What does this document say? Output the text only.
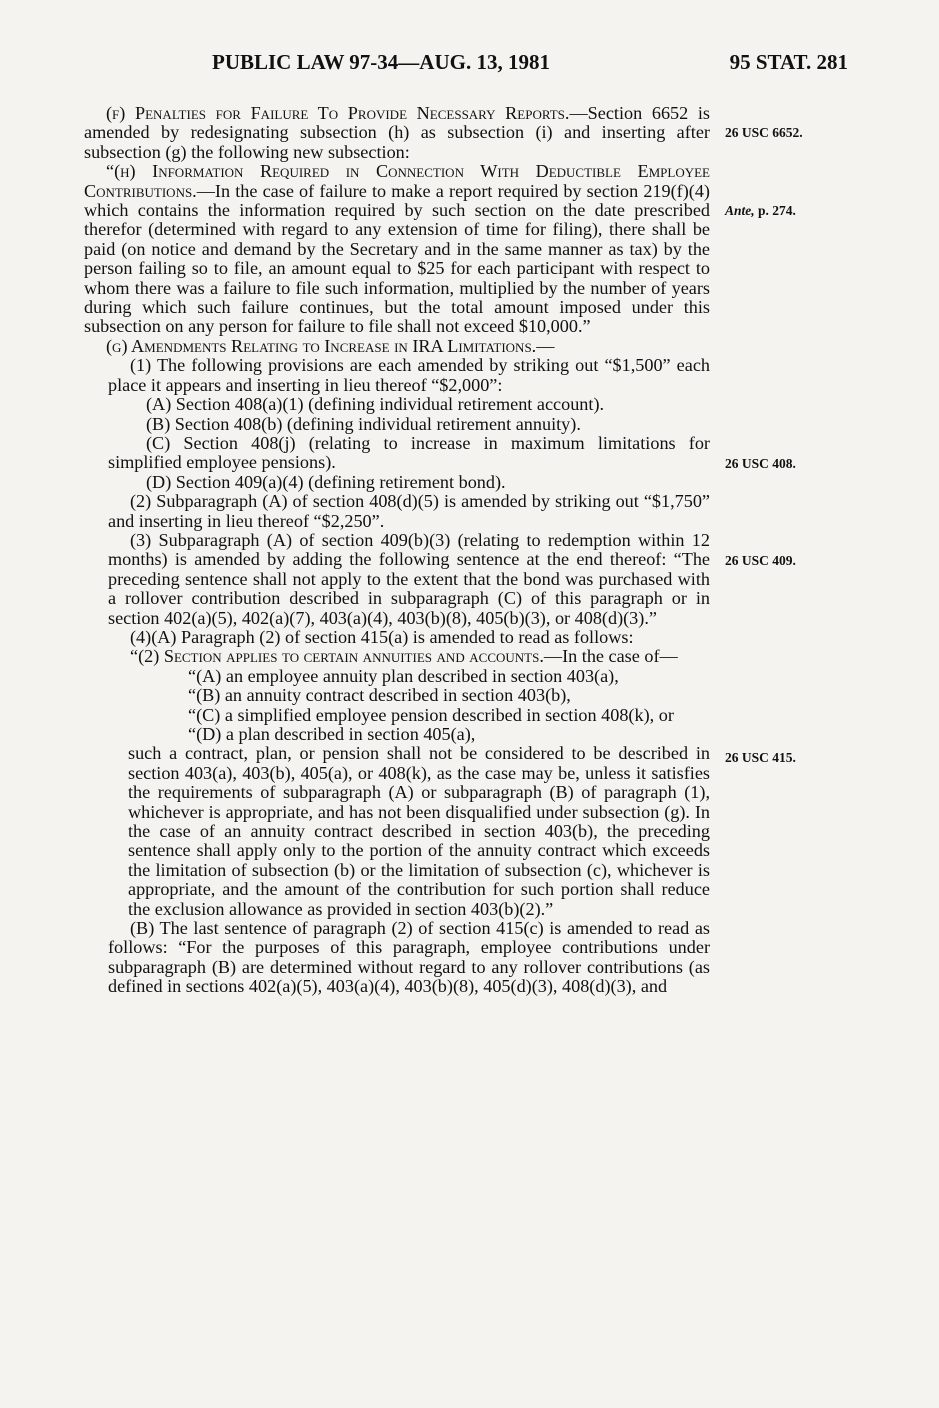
PUBLIC LAW 97-34—AUG. 13, 1981	95 STAT. 281
26 USC 6652.
Ante, p. 274.
26 USC 408.
26 USC 409.
26 USC 415.

(f) Penalties for Failure To Provide Necessary Reports.—Section 6652 is amended by redesignating subsection (h) as subsection (i) and inserting after subsection (g) the following new subsection:

“(h) Information Required in Connection With Deductible Employee Contributions.—In the case of failure to make a report required by section 219(f)(4) which contains the information required by such section on the date prescribed therefor (determined with regard to any extension of time for filing), there shall be paid (on notice and demand by the Secretary and in the same manner as tax) by the person failing so to file, an amount equal to $25 for each participant with respect to whom there was a failure to file such information, multiplied by the number of years during which such failure continues, but the total amount imposed under this subsection on any person for failure to file shall not exceed $10,000.”

(g) Amendments Relating to Increase in IRA Limitations.—

(1) The following provisions are each amended by striking out “$1,500” each place it appears and inserting in lieu thereof “$2,000”:

(A) Section 408(a)(1) (defining individual retirement account).

(B) Section 408(b) (defining individual retirement annuity).

(C) Section 408(j) (relating to increase in maximum limitations for simplified employee pensions).

(D) Section 409(a)(4) (defining retirement bond).

(2) Subparagraph (A) of section 408(d)(5) is amended by striking out “$1,750” and inserting in lieu thereof “$2,250”.

(3) Subparagraph (A) of section 409(b)(3) (relating to redemption within 12 months) is amended by adding the following sentence at the end thereof: “The preceding sentence shall not apply to the extent that the bond was purchased with a rollover contribution described in subparagraph (C) of this paragraph or in section 402(a)(5), 402(a)(7), 403(a)(4), 403(b)(8), 405(b)(3), or 408(d)(3).”

(4)(A) Paragraph (2) of section 415(a) is amended to read as follows:

“(2) Section applies to certain annuities and accounts.—In the case of—

“(A) an employee annuity plan described in section 403(a),

“(B) an annuity contract described in section 403(b),

“(C) a simplified employee pension described in section 408(k), or

“(D) a plan described in section 405(a),

such a contract, plan, or pension shall not be considered to be described in section 403(a), 403(b), 405(a), or 408(k), as the case may be, unless it satisfies the requirements of subparagraph (A) or subparagraph (B) of paragraph (1), whichever is appropriate, and has not been disqualified under subsection (g). In the case of an annuity contract described in section 403(b), the preceding sentence shall apply only to the portion of the annuity contract which exceeds the limitation of subsection (b) or the limitation of subsection (c), whichever is appropriate, and the amount of the contribution for such portion shall reduce the exclusion allowance as provided in section 403(b)(2).”

(B) The last sentence of paragraph (2) of section 415(c) is amended to read as follows: “For the purposes of this paragraph, employee contributions under subparagraph (B) are determined without regard to any rollover contributions (as defined in sections 402(a)(5), 403(a)(4), 403(b)(8), 405(d)(3), 408(d)(3), and
